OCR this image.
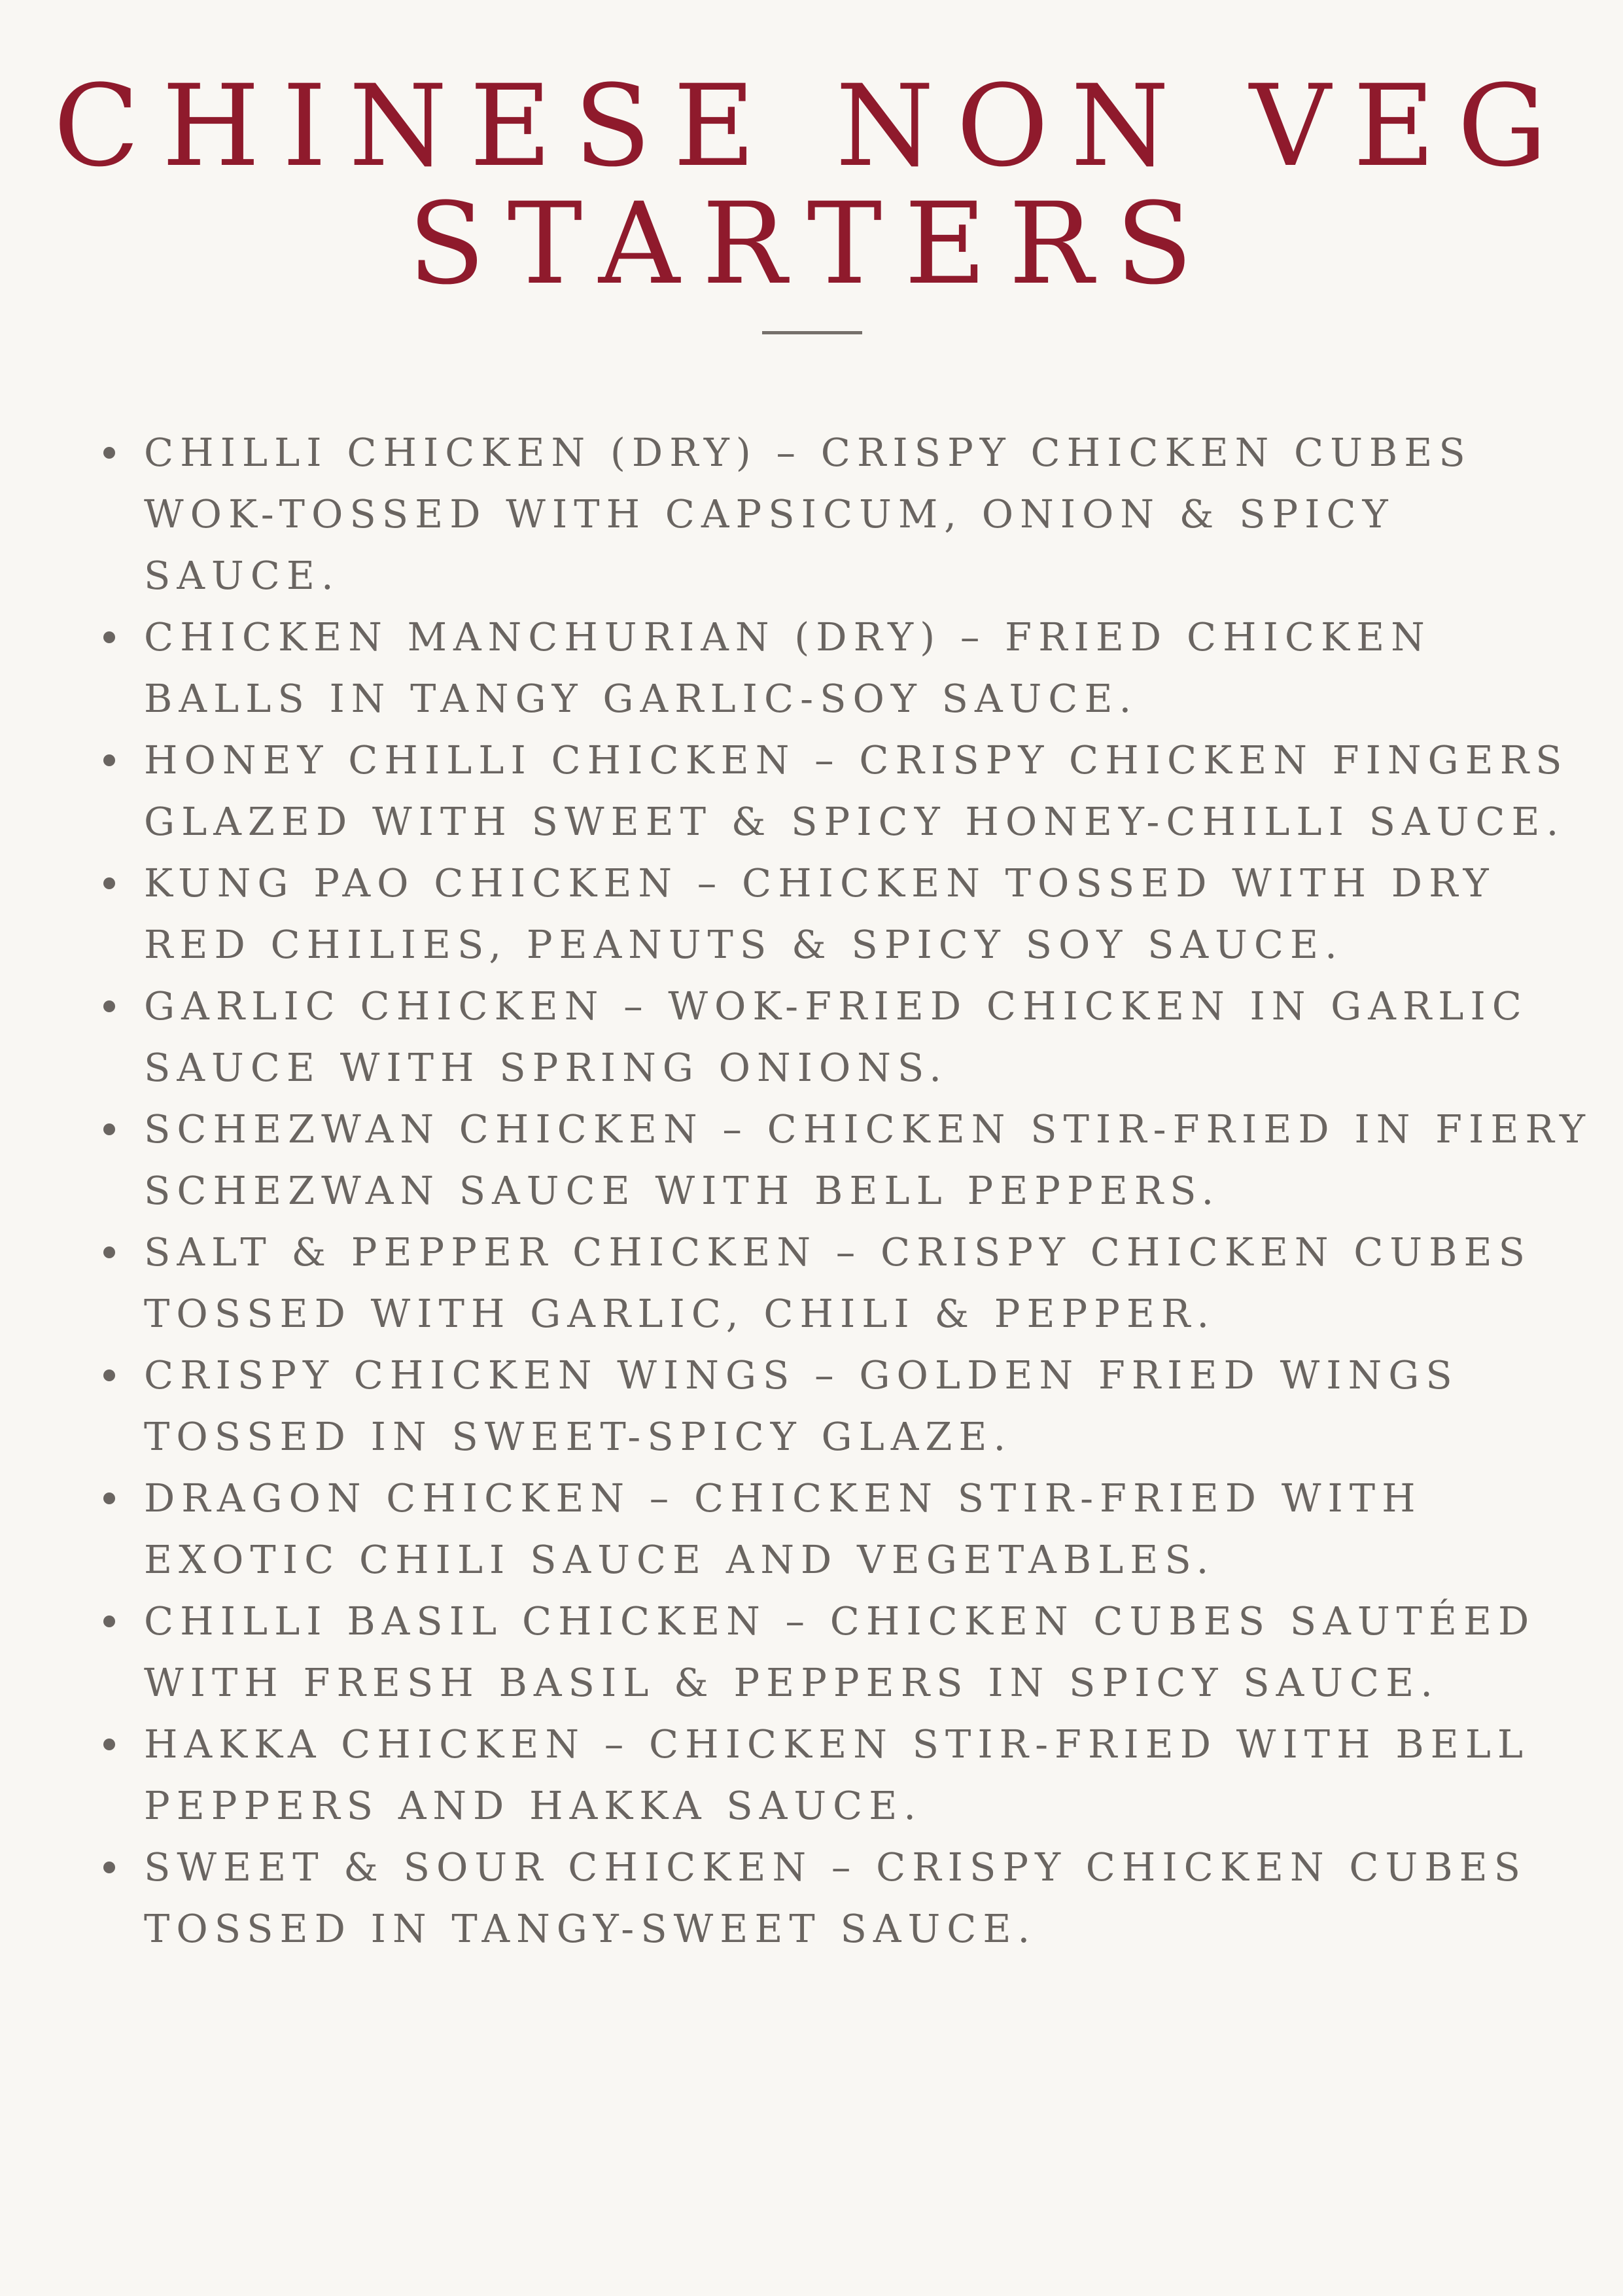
CHINESE NON VEG
STARTERS
CHILLI CHICKEN (DRY) – CRISPY CHICKEN CUBES
WOK-TOSSED WITH CAPSICUM, ONION & SPICY
SAUCE.
CHICKEN MANCHURIAN (DRY) – FRIED CHICKEN
BALLS IN TANGY GARLIC-SOY SAUCE.
HONEY CHILLI CHICKEN – CRISPY CHICKEN FINGERS
GLAZED WITH SWEET & SPICY HONEY-CHILLI SAUCE.
KUNG PAO CHICKEN – CHICKEN TOSSED WITH DRY
RED CHILIES, PEANUTS & SPICY SOY SAUCE.
GARLIC CHICKEN – WOK-FRIED CHICKEN IN GARLIC
SAUCE WITH SPRING ONIONS.
SCHEZWAN CHICKEN – CHICKEN STIR-FRIED IN FIERY
SCHEZWAN SAUCE WITH BELL PEPPERS.
SALT & PEPPER CHICKEN – CRISPY CHICKEN CUBES
TOSSED WITH GARLIC, CHILI & PEPPER.
CRISPY CHICKEN WINGS – GOLDEN FRIED WINGS
TOSSED IN SWEET-SPICY GLAZE.
DRAGON CHICKEN – CHICKEN STIR-FRIED WITH
EXOTIC CHILI SAUCE AND VEGETABLES.
CHILLI BASIL CHICKEN – CHICKEN CUBES SAUTÉED
WITH FRESH BASIL & PEPPERS IN SPICY SAUCE.
HAKKA CHICKEN – CHICKEN STIR-FRIED WITH BELL
PEPPERS AND HAKKA SAUCE.
SWEET & SOUR CHICKEN – CRISPY CHICKEN CUBES
TOSSED IN TANGY-SWEET SAUCE.
